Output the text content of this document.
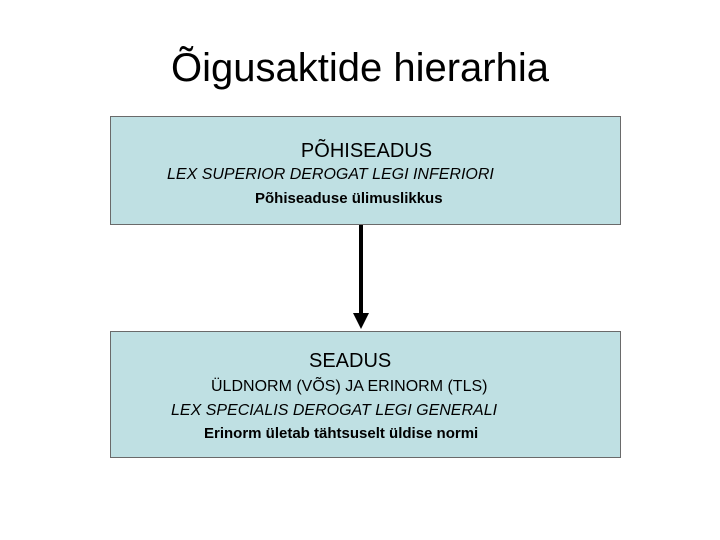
Õigusaktide hierarhia
PÕHISEADUS
LEX SUPERIOR DEROGAT LEGI INFERIORI
Põhiseaduse ülimuslikkus
SEADUS
ÜLDNORM (VÕS) JA ERINORM (TLS)
LEX SPECIALIS DEROGAT LEGI GENERALI
Erinorm ületab tähtsuselt üldise normi
